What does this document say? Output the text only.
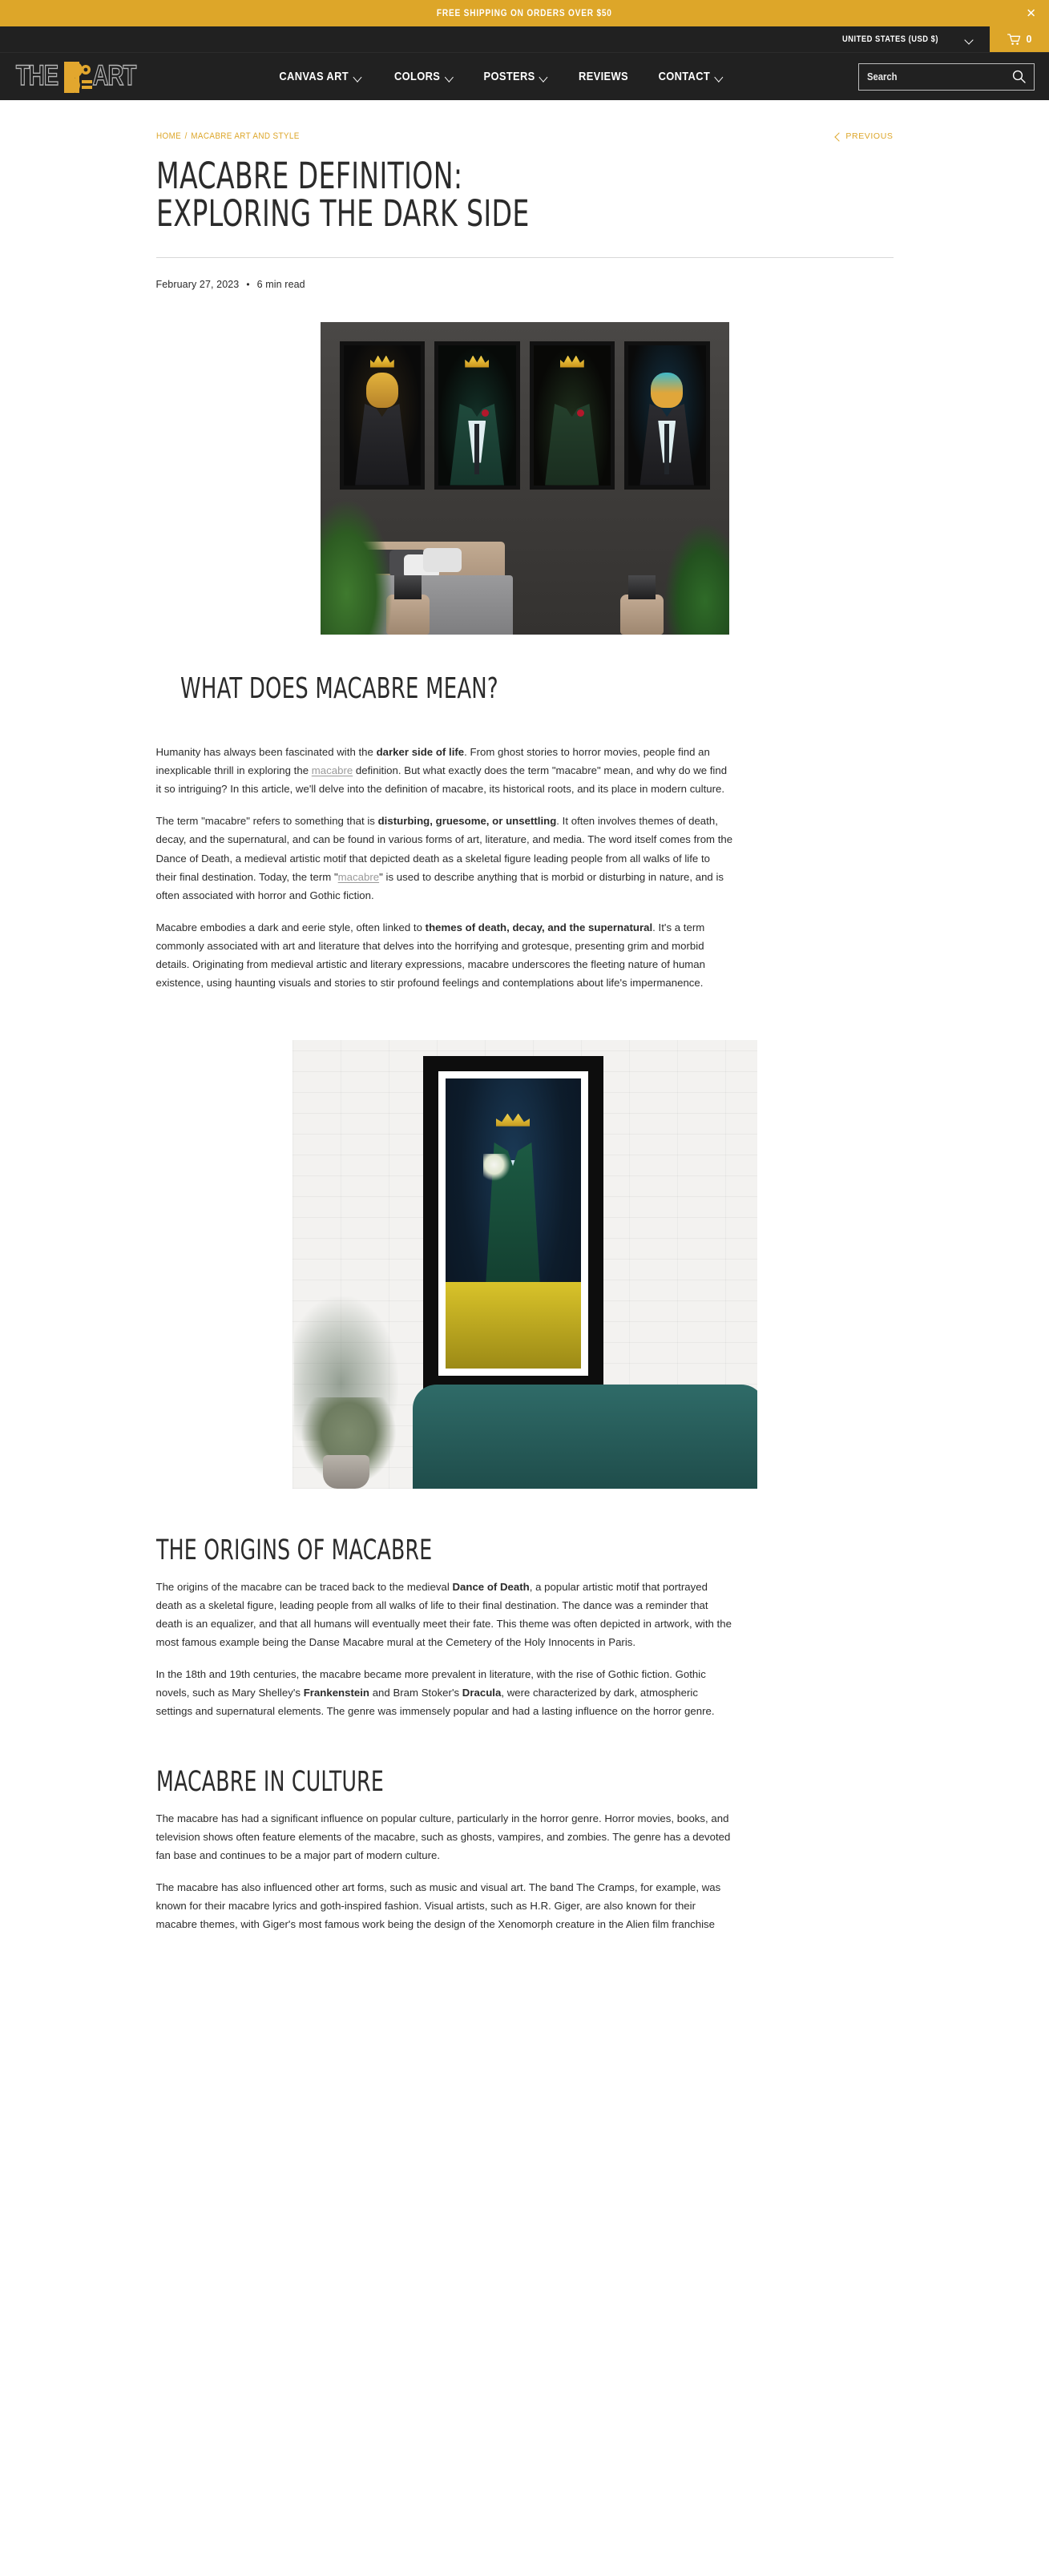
FREE SHIPPING ON ORDERS OVER $50	✕
UNITED STATES (USD $)	0
THE ART	CANVAS ART	COLORS	POSTERS	REVIEWS	CONTACT
Search
HOME / MACABRE ART AND STYLE	PREVIOUS
MACABRE DEFINITION: EXPLORING THE DARK SIDE
February 27, 2023 • 6 min read
WHAT DOES MACABRE MEAN?

Humanity has always been fascinated with the darker side of life. From ghost stories to horror movies, people find an inexplicable thrill in exploring the macabre definition. But what exactly does the term "macabre" mean, and why do we find it so intriguing? In this article, we'll delve into the definition of macabre, its historical roots, and its place in modern culture.

The term "macabre" refers to something that is disturbing, gruesome, or unsettling. It often involves themes of death, decay, and the supernatural, and can be found in various forms of art, literature, and media. The word itself comes from the Dance of Death, a medieval artistic motif that depicted death as a skeletal figure leading people from all walks of life to their final destination. Today, the term "macabre" is used to describe anything that is morbid or disturbing in nature, and is often associated with horror and Gothic fiction.

Macabre embodies a dark and eerie style, often linked to themes of death, decay, and the supernatural. It's a term commonly associated with art and literature that delves into the horrifying and grotesque, presenting grim and morbid details. Originating from medieval artistic and literary expressions, macabre underscores the fleeting nature of human existence, using haunting visuals and stories to stir profound feelings and contemplations about life's impermanence.

THE ORIGINS OF MACABRE

The origins of the macabre can be traced back to the medieval Dance of Death, a popular artistic motif that portrayed death as a skeletal figure, leading people from all walks of life to their final destination. The dance was a reminder that death is an equalizer, and that all humans will eventually meet their fate. This theme was often depicted in artwork, with the most famous example being the Danse Macabre mural at the Cemetery of the Holy Innocents in Paris.

In the 18th and 19th centuries, the macabre became more prevalent in literature, with the rise of Gothic fiction. Gothic novels, such as Mary Shelley's Frankenstein and Bram Stoker's Dracula, were characterized by dark, atmospheric settings and supernatural elements. The genre was immensely popular and had a lasting influence on the horror genre.

MACABRE IN CULTURE

The macabre has had a significant influence on popular culture, particularly in the horror genre. Horror movies, books, and television shows often feature elements of the macabre, such as ghosts, vampires, and zombies. The genre has a devoted fan base and continues to be a major part of modern culture.

The macabre has also influenced other art forms, such as music and visual art. The band The Cramps, for example, was known for their macabre lyrics and goth-inspired fashion. Visual artists, such as H.R. Giger, are also known for their macabre themes, with Giger's most famous work being the design of the Xenomorph creature in the Alien film franchise
